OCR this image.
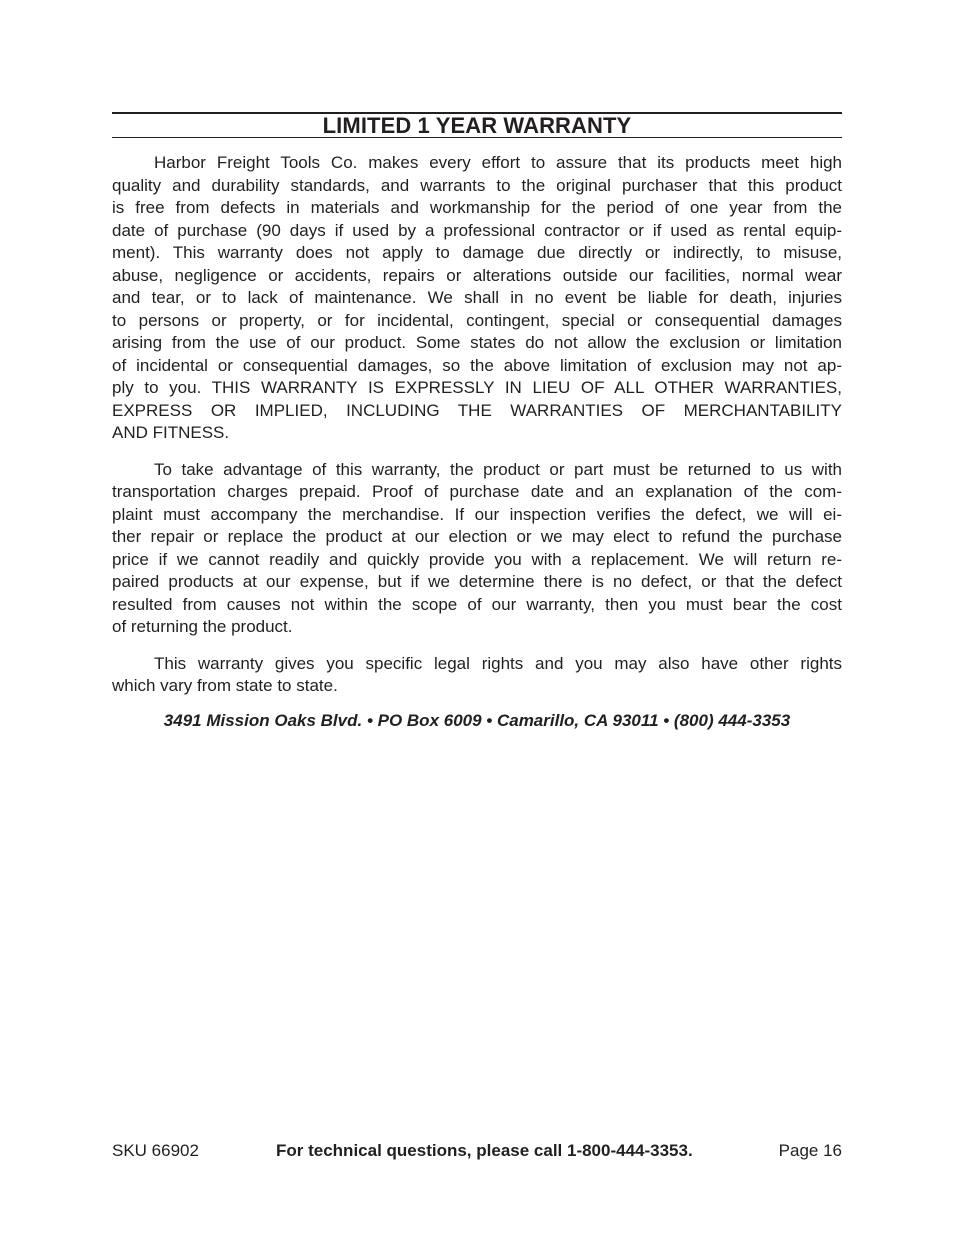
LIMITED 1 YEAR WARRANTY

Harbor Freight Tools Co. makes every effort to assure that its products meet high
quality and durability standards, and warrants to the original purchaser that this product
is free from defects in materials and workmanship for the period of one year from the
date of purchase (90 days if used by a professional contractor or if used as rental equip-
ment). This warranty does not apply to damage due directly or indirectly, to misuse,
abuse, negligence or accidents, repairs or alterations outside our facilities, normal wear
and tear, or to lack of maintenance. We shall in no event be liable for death, injuries
to persons or property, or for incidental, contingent, special or consequential damages
arising from the use of our product. Some states do not allow the exclusion or limitation
of incidental or consequential damages, so the above limitation of exclusion may not ap-
ply to you. THIS WARRANTY IS EXPRESSLY IN LIEU OF ALL OTHER WARRANTIES,
EXPRESS OR IMPLIED, INCLUDING THE WARRANTIES OF MERCHANTABILITY
AND FITNESS.

To take advantage of this warranty, the product or part must be returned to us with
transportation charges prepaid. Proof of purchase date and an explanation of the com-
plaint must accompany the merchandise. If our inspection verifies the defect, we will ei-
ther repair or replace the product at our election or we may elect to refund the purchase
price if we cannot readily and quickly provide you with a replacement. We will return re-
paired products at our expense, but if we determine there is no defect, or that the defect
resulted from causes not within the scope of our warranty, then you must bear the cost
of returning the product.

This warranty gives you specific legal rights and you may also have other rights
which vary from state to state.

3491 Mission Oaks Blvd. • PO Box 6009 • Camarillo, CA 93011 • (800) 444-3353
SKU 66902	For technical questions, please call 1-800-444-3353.	Page 16
